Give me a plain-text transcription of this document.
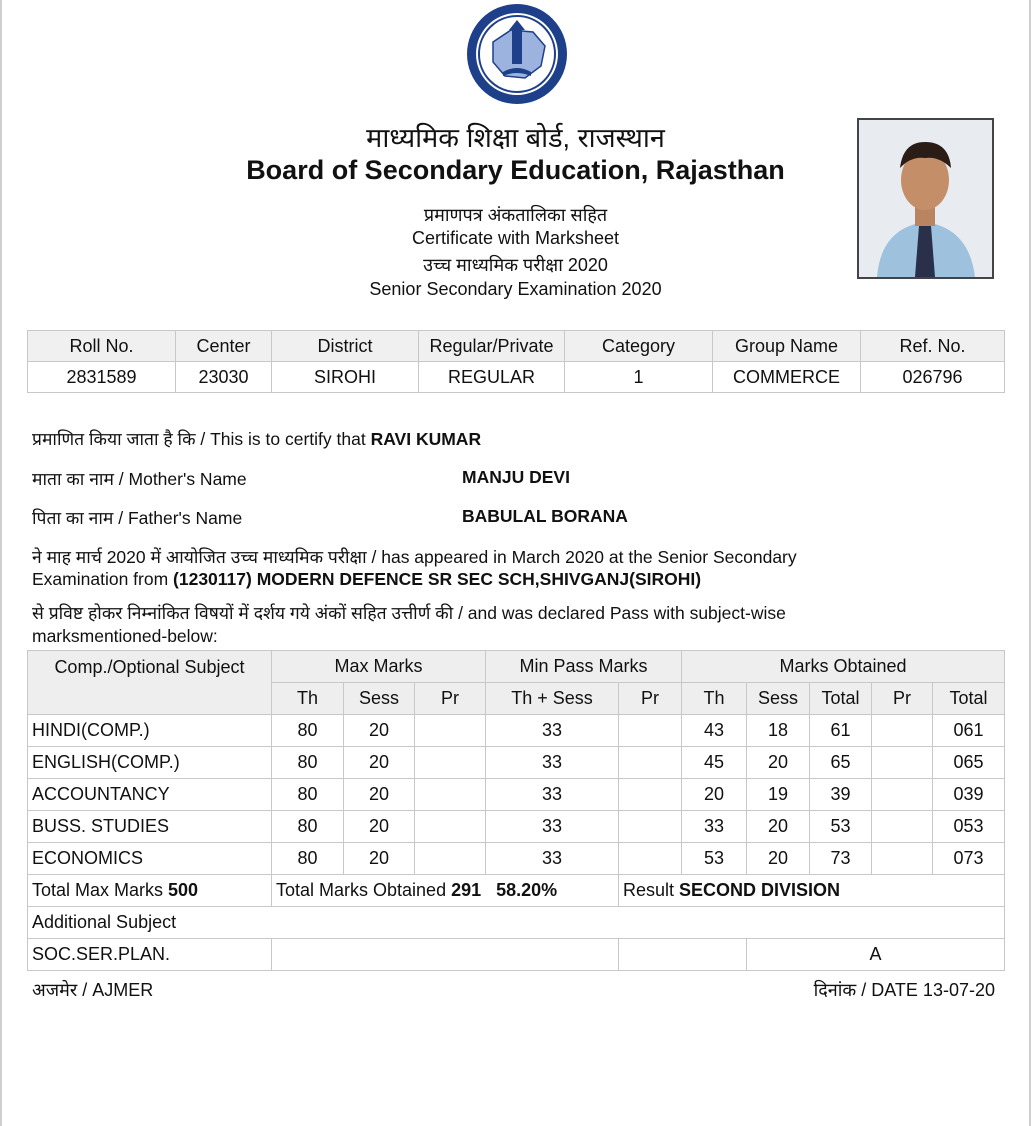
माध्यमिक शिक्षा बोर्ड, राजस्थान
Board of Secondary Education, Rajasthan
प्रमाणपत्र अंकतालिका सहित
Certificate with Marksheet
उच्च माध्यमिक परीक्षा 2020
Senior Secondary Examination 2020
Roll No.	Center	District	Regular/Private	Category	Group Name	Ref. No.
2831589	23030	SIROHI	REGULAR	1	COMMERCE	026796
प्रमाणित किया जाता है कि / This is to certify that RAVI KUMAR
माता का नाम / Mother's Name	MANJU DEVI
पिता का नाम / Father's Name	BABULAL BORANA
ने माह मार्च 2020 में आयोजित उच्च माध्यमिक परीक्षा / has appeared in March 2020 at the Senior Secondary
Examination from (1230117) MODERN DEFENCE SR SEC SCH,SHIVGANJ(SIROHI)
से प्रविष्ट होकर निम्नांकित विषयों में दर्शय गये अंकों सहित उत्तीर्ण की / and was declared Pass with subject-wise
marksmentioned-below:
Comp./Optional Subject	Max Marks			Min Pass Marks		Marks Obtained				
	Th	Sess	Pr	Th + Sess	Pr	Th	Sess	Total	Pr	Total
HINDI(COMP.)	80	20		33		43	18	61		061
ENGLISH(COMP.)	80	20		33		45	20	65		065
ACCOUNTANCY	80	20		33		20	19	39		039
BUSS. STUDIES	80	20		33		33	20	53		053
ECONOMICS	80	20		33		53	20	73		073
Total Max Marks 500	Total Marks Obtained 291 58.20%				Result SECOND DIVISION					
Additional Subject										
SOC.SER.PLAN.							A			
अजमेर / AJMER	दिनांक / DATE 13-07-20
